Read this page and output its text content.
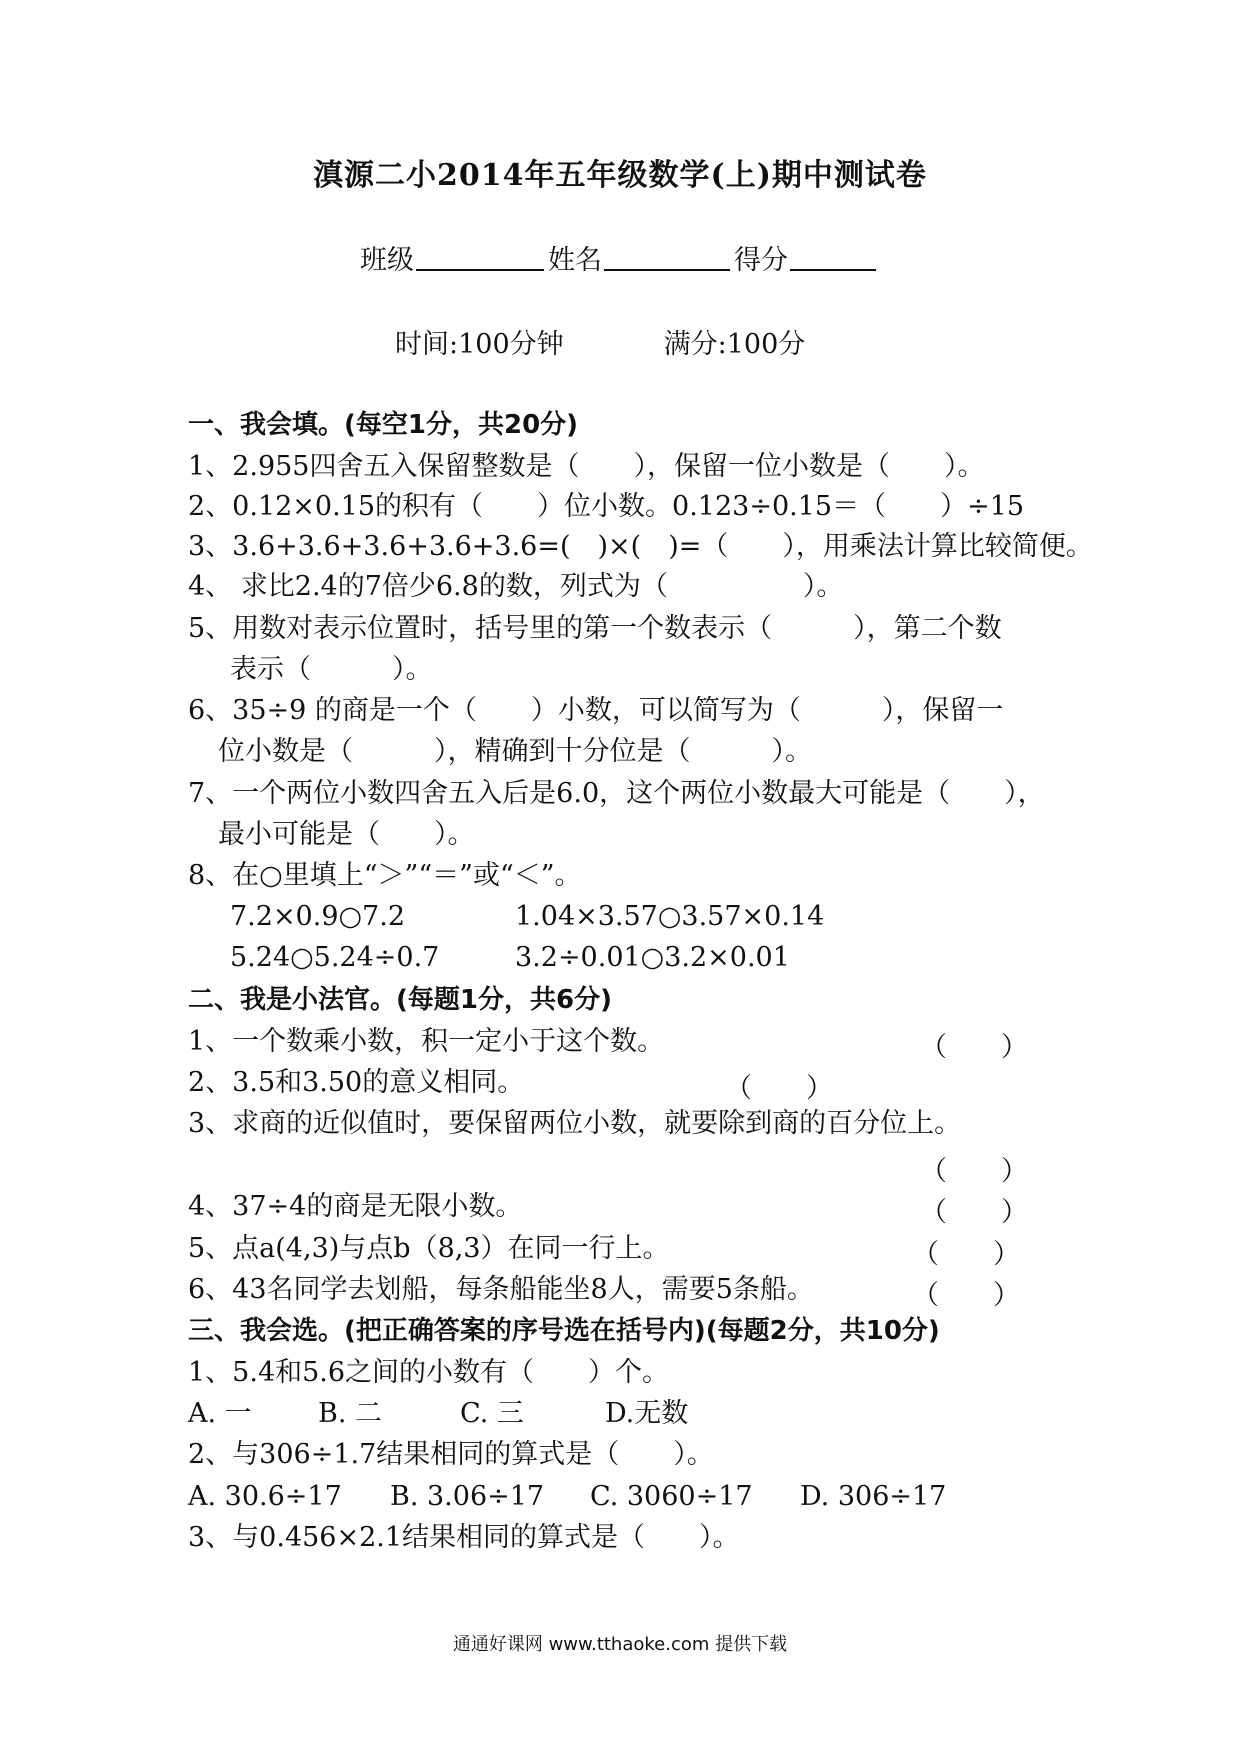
滇源二小2014年五年级数学(上)期中测试卷
班级	姓名	得分
时间:100分钟	满分:100分
一、我会填。(每空1分，共20分)
1、2.955四舍五入保留整数是（　　），保留一位小数是（　　）。
2、0.12×0.15的积有（　　）位小数。0.123÷0.15＝（　　）÷15
3、3.6+3.6+3.6+3.6+3.6=(　)×(　)=（　　），用乘法计算比较简便。
4、 求比2.4的7倍少6.8的数，列式为（　　　　　）。
5、用数对表示位置时，括号里的第一个数表示（　　　），第二个数
表示（　　　）。
6、35÷9 的商是一个（　　）小数，可以简写为（　　　），保留一
位小数是（　　　），精确到十分位是（　　　）。
7、一个两位小数四舍五入后是6.0，这个两位小数最大可能是（　　），
最小可能是（　　）。
8、在○里填上“＞”“＝”或“＜”。
7.2×0.9○7.2	1.04×3.57○3.57×0.14
5.24○5.24÷0.7	3.2÷0.01○3.2×0.01
二、我是小法官。(每题1分，共6分)
1、一个数乘小数，积一定小于这个数。	（　　）
2、3.5和3.50的意义相同。	（　　）
3、求商的近似值时，要保留两位小数，就要除到商的百分位上。
（　　）
4、37÷4的商是无限小数。	（　　）
5、点a(4,3)与点b（8,3）在同一行上。	（　　）
6、43名同学去划船，每条船能坐8人，需要5条船。	（　　）
三、我会选。(把正确答案的序号选在括号内)(每题2分，共10分)
1、5.4和5.6之间的小数有（　　）个。
A. 一 B. 二	C. 三	D.无数
2、与306÷1.7结果相同的算式是（　　）。
A. 30.6÷17 B. 3.06÷17 C. 3060÷17 D. 306÷17
3、与0.456×2.1结果相同的算式是（　　）。
通通好课网 www.tthaoke.com 提供下载
